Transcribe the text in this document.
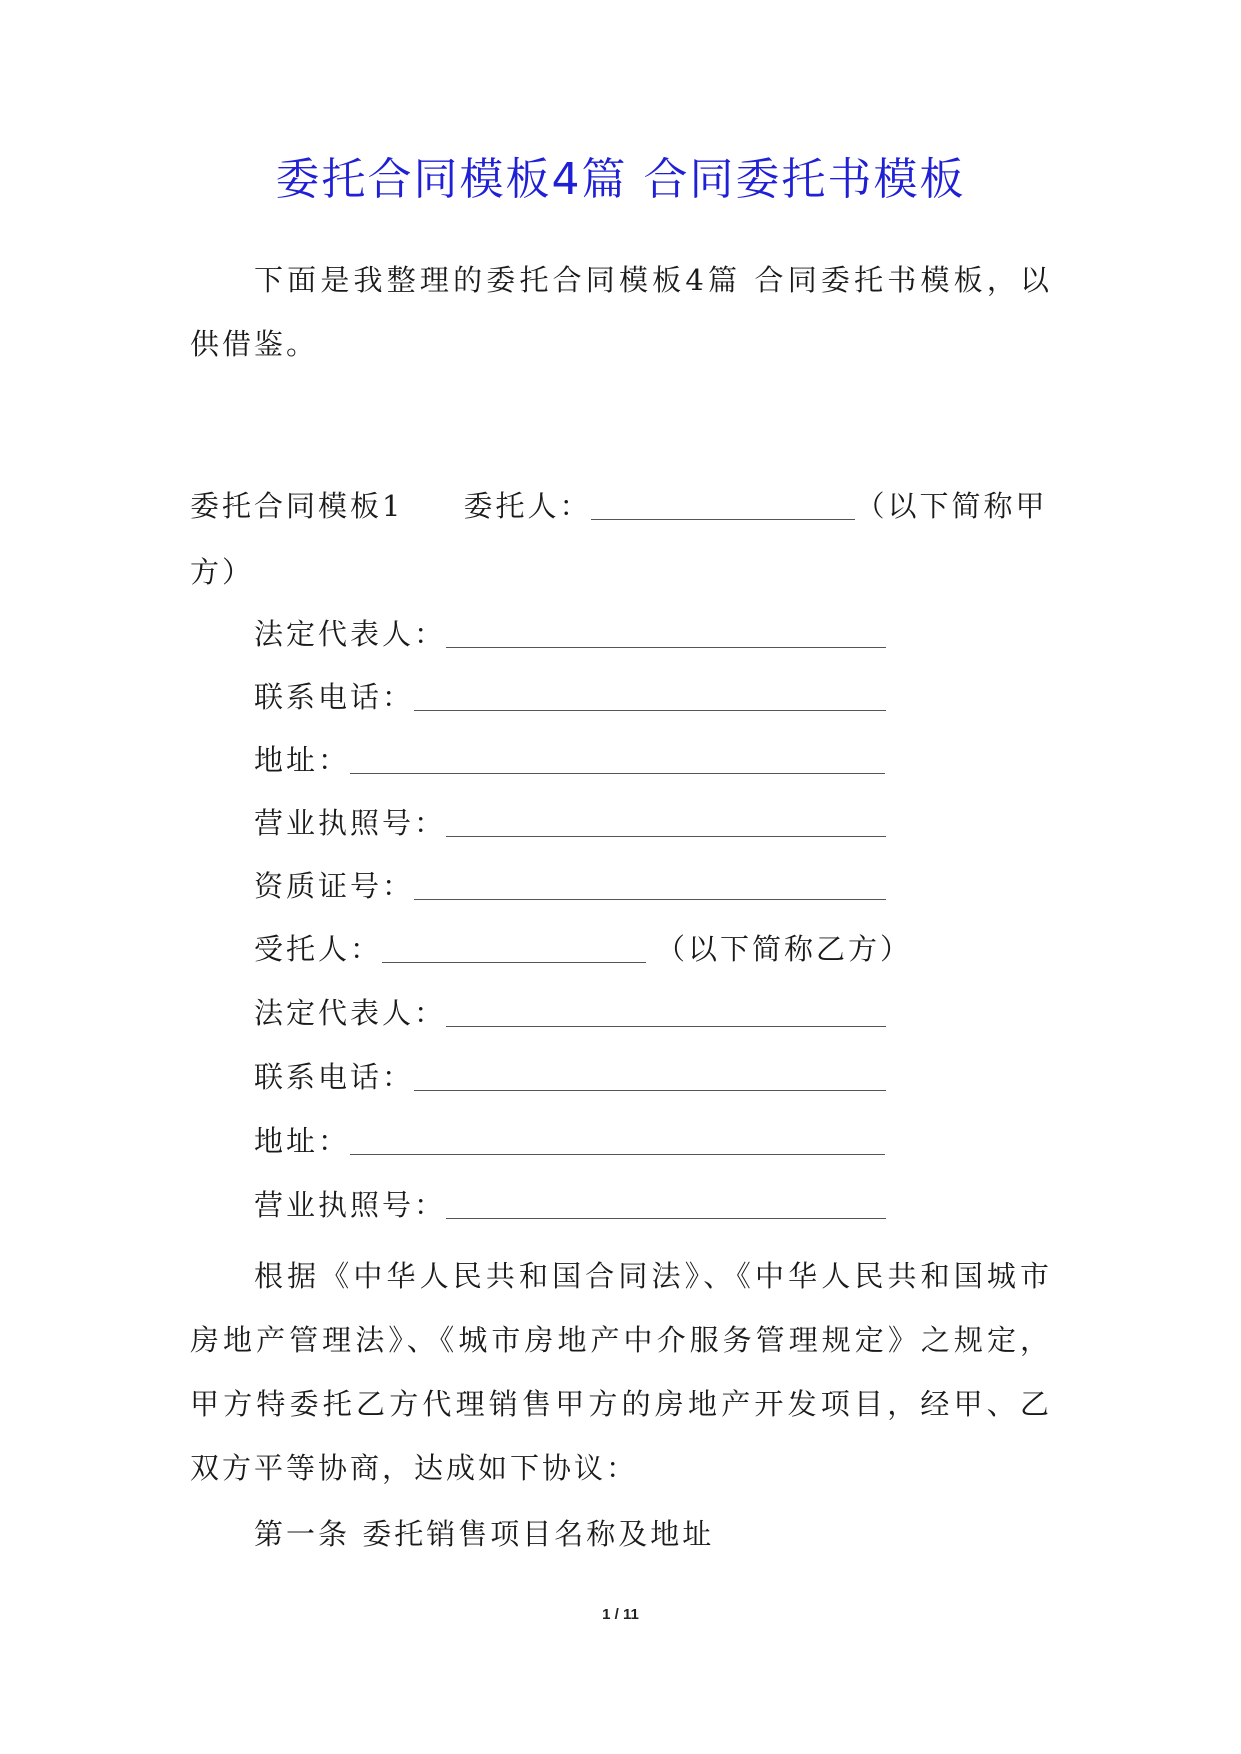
委托合同模板4篇 合同委托书模板

下面是我整理的委托合同模板4篇 合同委托书模板，以供借鉴。

委托合同模板1 委托人：	（以下简称甲
方）
法定代表人：
联系电话：
地址：
营业执照号：
资质证号：
受托人：	（以下简称乙方）
法定代表人：
联系电话：
地址：
营业执照号：

根据《中华人民共和国合同法》、《中华人民共和国城市房地产管理法》、《城市房地产中介服务管理规定》之规定，甲方特委托乙方代理销售甲方的房地产开发项目，经甲、乙双方平等协商，达成如下协议：

第一条 委托销售项目名称及地址

1 / 11
